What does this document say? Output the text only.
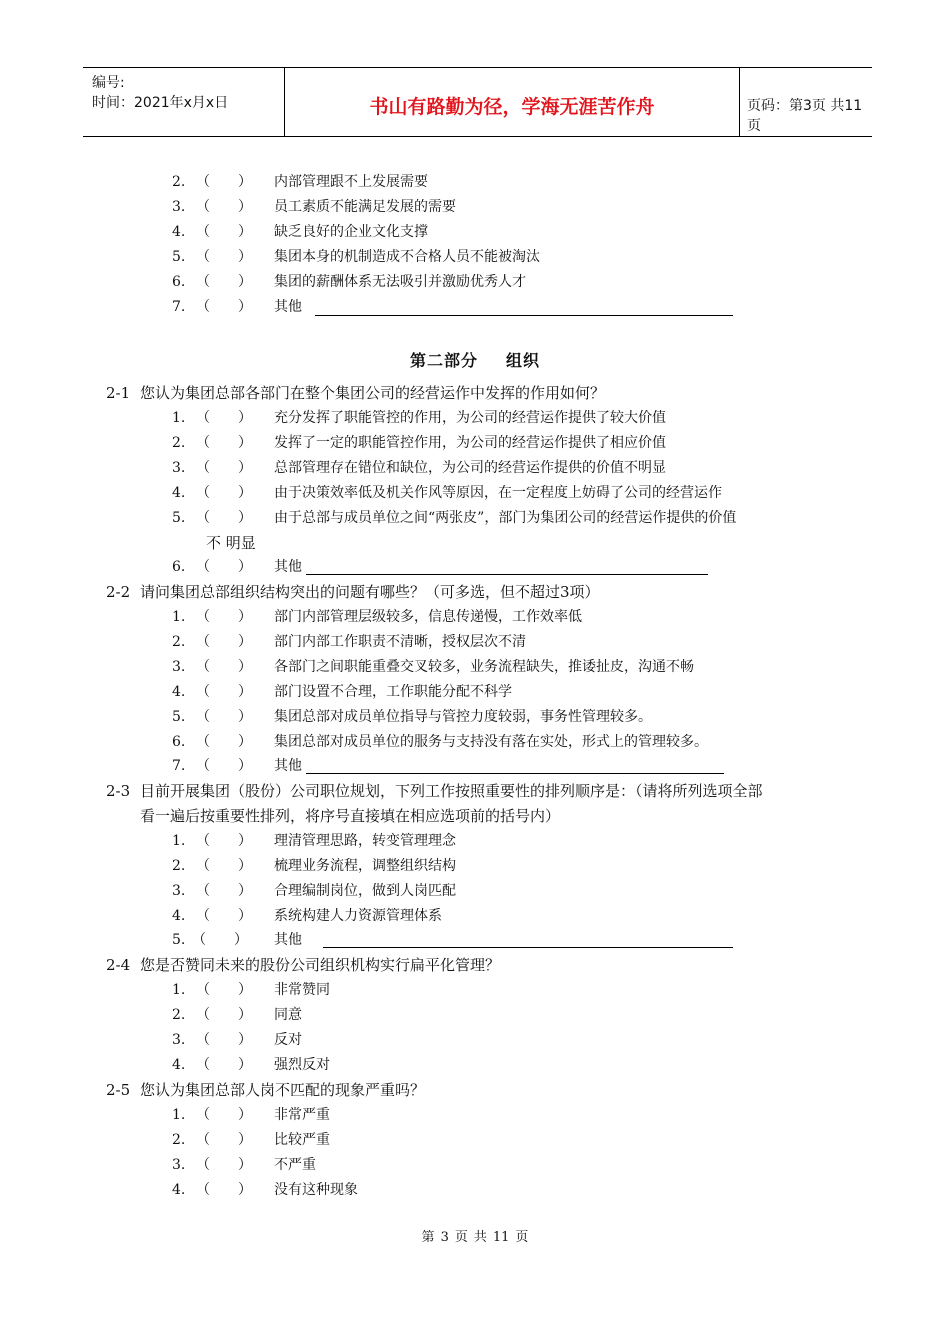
编号:
时间：2021年x月x日	书山有路勤为径，学海无涯苦作舟	页码：第3页 共11页
2. （ ） 内部管理跟不上发展需要
3. （ ） 员工素质不能满足发展的需要
4. （ ） 缺乏良好的企业文化支撑
5. （ ） 集团本身的机制造成不合格人员不能被淘汰
6. （ ） 集团的薪酬体系无法吸引并激励优秀人才
7. （ ） 其他
第二部分 组织
2-1 您认为集团总部各部门在整个集团公司的经营运作中发挥的作用如何？
1. （ ） 充分发挥了职能管控的作用，为公司的经营运作提供了较大价值
2. （ ） 发挥了一定的职能管控作用，为公司的经营运作提供了相应价值
3. （ ） 总部管理存在错位和缺位，为公司的经营运作提供的价值不明显
4. （ ） 由于决策效率低及机关作风等原因，在一定程度上妨碍了公司的经营运作
5. （ ） 由于总部与成员单位之间“两张皮”，部门为集团公司的经营运作提供的价值
不 明显
6. （ ） 其他
2-2 请问集团总部组织结构突出的问题有哪些？（可多选，但不超过3项）
1. （ ） 部门内部管理层级较多，信息传递慢，工作效率低
2. （ ） 部门内部工作职责不清晰，授权层次不清
3. （ ） 各部门之间职能重叠交叉较多，业务流程缺失，推诿扯皮，沟通不畅
4. （ ） 部门设置不合理，工作职能分配不科学
5. （ ） 集团总部对成员单位指导与管控力度较弱，事务性管理较多。
6. （ ） 集团总部对成员单位的服务与支持没有落在实处，形式上的管理较多。
7. （ ） 其他
2-3 目前开展集团（股份）公司职位规划，下列工作按照重要性的排列顺序是：（请将所列选项全部
看一遍后按重要性排列，将序号直接填在相应选项前的括号内）
1. （ ） 理清管理思路，转变管理理念
2. （ ） 梳理业务流程，调整组织结构
3. （ ） 合理编制岗位，做到人岗匹配
4. （ ） 系统构建人力资源管理体系
5. （ ） 其他
2-4 您是否赞同未来的股份公司组织机构实行扁平化管理？
1. （ ） 非常赞同
2. （ ） 同意
3. （ ） 反对
4. （ ） 强烈反对
2-5 您认为集团总部人岗不匹配的现象严重吗？
1. （ ） 非常严重
2. （ ） 比较严重
3. （ ） 不严重
4. （ ） 没有这种现象
第 3 页 共 11 页
